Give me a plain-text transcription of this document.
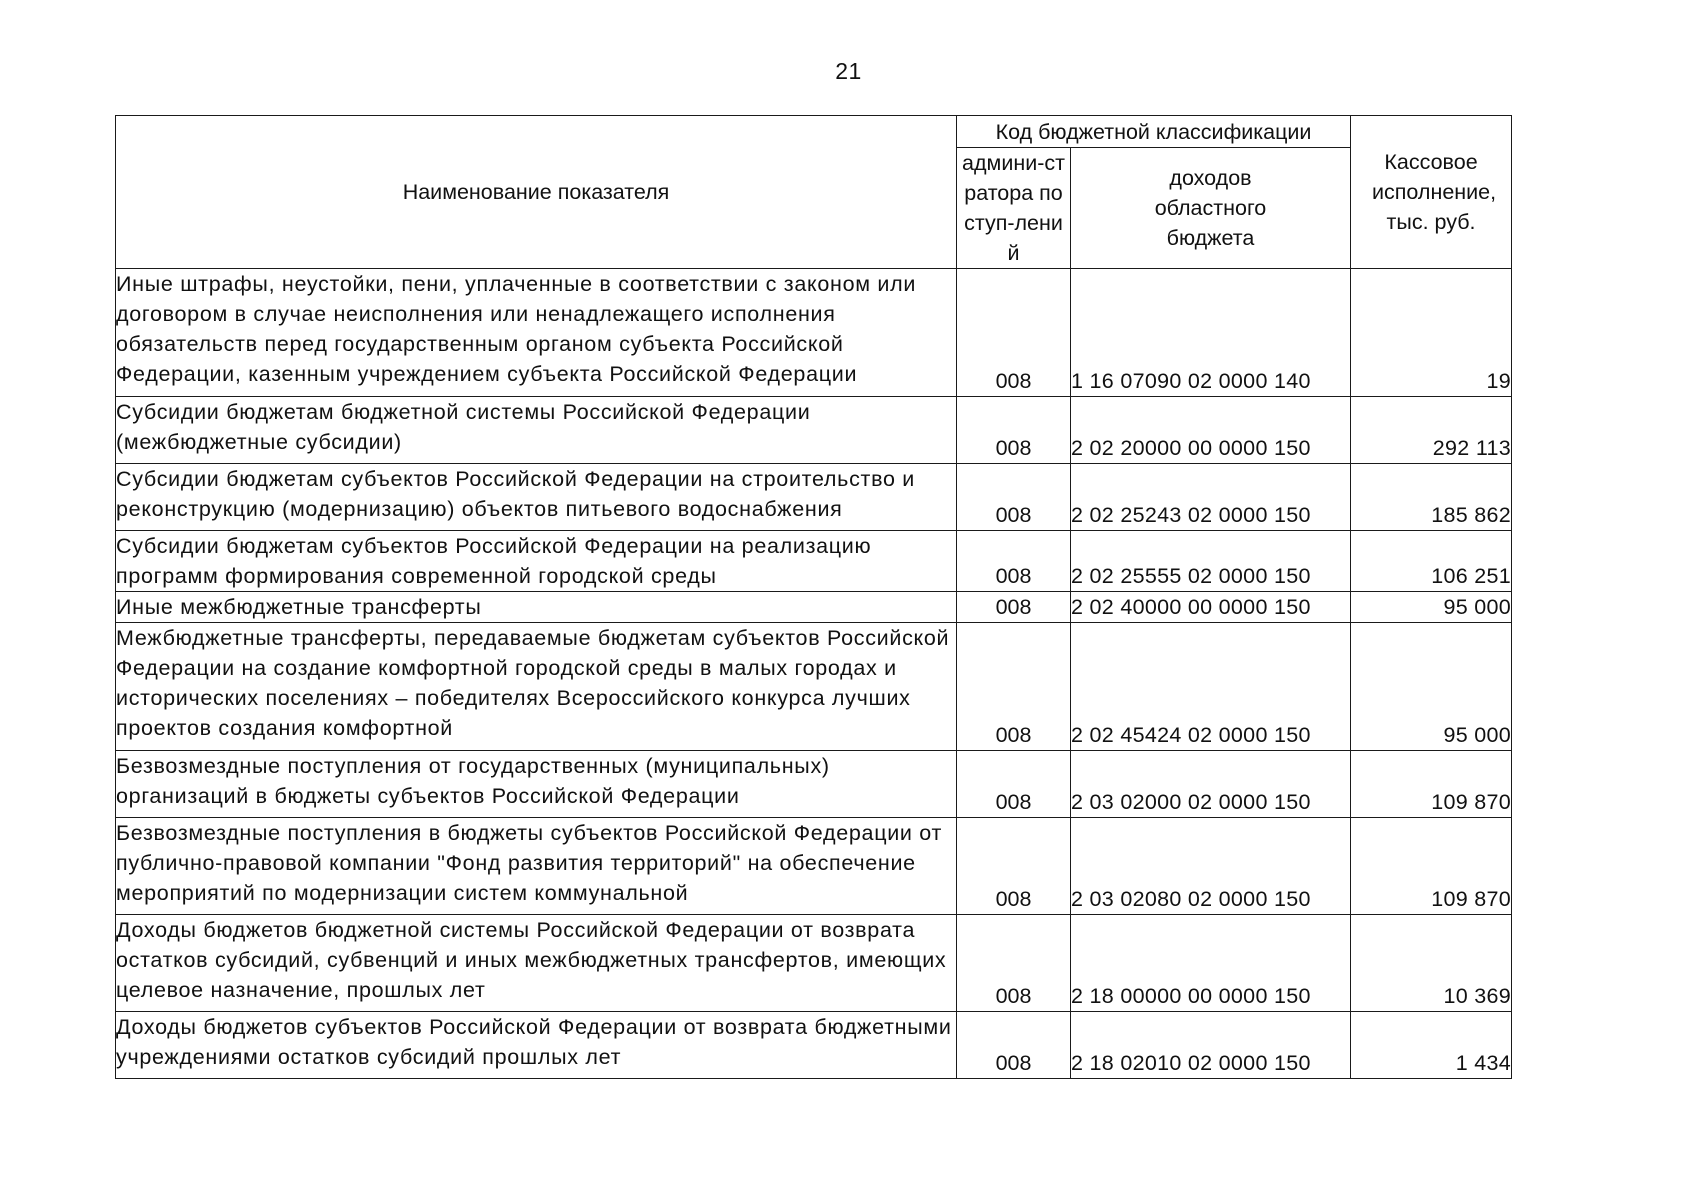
21
Наименование показателя	Код бюджетной классификации		Кассовое исполнение, тыс. руб.

	админи-стратора поступ-лений	доходов областного бюджета	

Иные штрафы, неустойки, пени, уплаченные в соответствии с законом или договором в случае неисполнения или ненадлежащего исполнения обязательств перед государственным органом субъекта Российской Федерации, казенным учреждением субъекта Российской Федерации	008	1 16 07090 02 0000 140	19
Субсидии бюджетам бюджетной системы Российской Федерации (межбюджетные субсидии)	008	2 02 20000 00 0000 150	292 113
Субсидии бюджетам субъектов Российской Федерации на строительство и реконструкцию (модернизацию) объектов питьевого водоснабжения	008	2 02 25243 02 0000 150	185 862
Субсидии бюджетам субъектов Российской Федерации на реализацию программ формирования современной городской среды	008	2 02 25555 02 0000 150	106 251
Иные межбюджетные трансферты	008	2 02 40000 00 0000 150	95 000
Межбюджетные трансферты, передаваемые бюджетам субъектов Российской Федерации на создание комфортной городской среды в малых городах и исторических поселениях – победителях Всероссийского конкурса лучших проектов создания комфортной	008	2 02 45424 02 0000 150	95 000
Безвозмездные поступления от государственных (муниципальных) организаций в бюджеты субъектов Российской Федерации	008	2 03 02000 02 0000 150	109 870
Безвозмездные поступления в бюджеты субъектов Российской Федерации от публично-правовой компании "Фонд развития территорий" на обеспечение мероприятий по модернизации систем коммунальной	008	2 03 02080 02 0000 150	109 870
Доходы бюджетов бюджетной системы Российской Федерации от возврата остатков субсидий, субвенций и иных межбюджетных трансфертов, имеющих целевое назначение, прошлых лет	008	2 18 00000 00 0000 150	10 369
Доходы бюджетов субъектов Российской Федерации от возврата бюджетными учреждениями остатков субсидий прошлых лет	008	2 18 02010 02 0000 150	1 434
